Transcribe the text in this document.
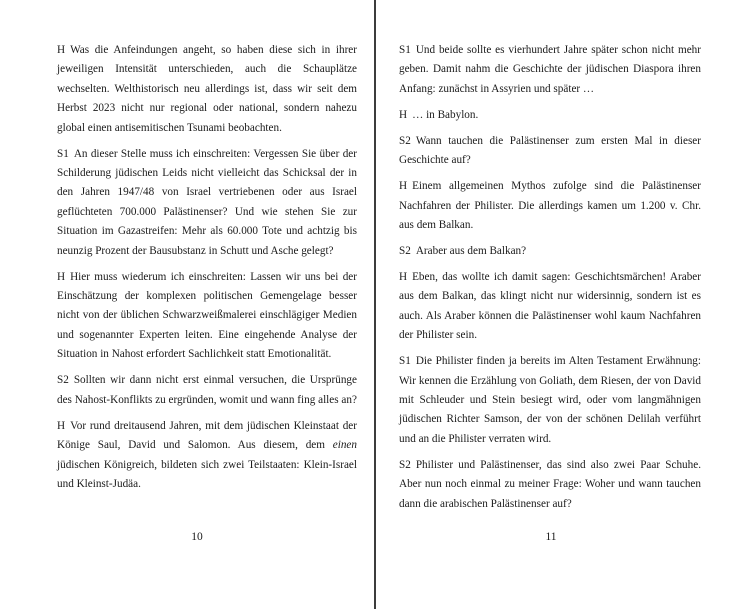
H Was die Anfeindungen angeht, so haben diese sich in ihrer jeweiligen Intensität unterschieden, auch die Schauplätze wechselten. Welthistorisch neu allerdings ist, dass wir seit dem Herbst 2023 nicht nur regional oder national, sondern nahezu global einen antisemitischen Tsunami beobachten.

S1 An dieser Stelle muss ich einschreiten: Vergessen Sie über der Schilderung jüdischen Leids nicht vielleicht das Schicksal der in den Jahren 1947/48 von Israel vertriebenen oder aus Israel geflüchteten 700.000 Palästinenser? Und wie stehen Sie zur Situation im Gazastreifen: Mehr als 60.000 Tote und achtzig bis neunzig Prozent der Bausubstanz in Schutt und Asche gelegt?

H Hier muss wiederum ich einschreiten: Lassen wir uns bei der Einschätzung der komplexen politischen Gemengelage besser nicht von der üblichen Schwarzweißmalerei einschlägiger Medien und sogenannter Experten leiten. Eine eingehende Analyse der Situation in Nahost erfordert Sachlichkeit statt Emotionalität.

S2 Sollten wir dann nicht erst einmal versuchen, die Ursprünge des Nahost-Konflikts zu ergründen, womit und wann fing alles an?

H Vor rund dreitausend Jahren, mit dem jüdischen Kleinstaat der Könige Saul, David und Salomon. Aus diesem, dem einen jüdischen Königreich, bildeten sich zwei Teilstaaten: Klein-Israel und Kleinst-Judäa.

10

S1 Und beide sollte es vierhundert Jahre später schon nicht mehr geben. Damit nahm die Geschichte der jüdischen Diaspora ihren Anfang: zunächst in Assyrien und später …

H … in Babylon.

S2 Wann tauchen die Palästinenser zum ersten Mal in dieser Geschichte auf?

H Einem allgemeinen Mythos zufolge sind die Palästinenser Nachfahren der Philister. Die allerdings kamen um 1.200 v. Chr. aus dem Balkan.

S2 Araber aus dem Balkan?

H Eben, das wollte ich damit sagen: Geschichtsmärchen! Araber aus dem Balkan, das klingt nicht nur widersinnig, sondern ist es auch. Als Araber können die Palästinenser wohl kaum Nachfahren der Philister sein.

S1 Die Philister finden ja bereits im Alten Testament Erwähnung: Wir kennen die Erzählung von Goliath, dem Riesen, der von David mit Schleuder und Stein besiegt wird, oder vom langmähnigen jüdischen Richter Samson, der von der schönen Delilah verführt und an die Philister verraten wird.

S2 Philister und Palästinenser, das sind also zwei Paar Schuhe. Aber nun noch einmal zu meiner Frage: Woher und wann tauchen dann die arabischen Palästinenser auf?

11
